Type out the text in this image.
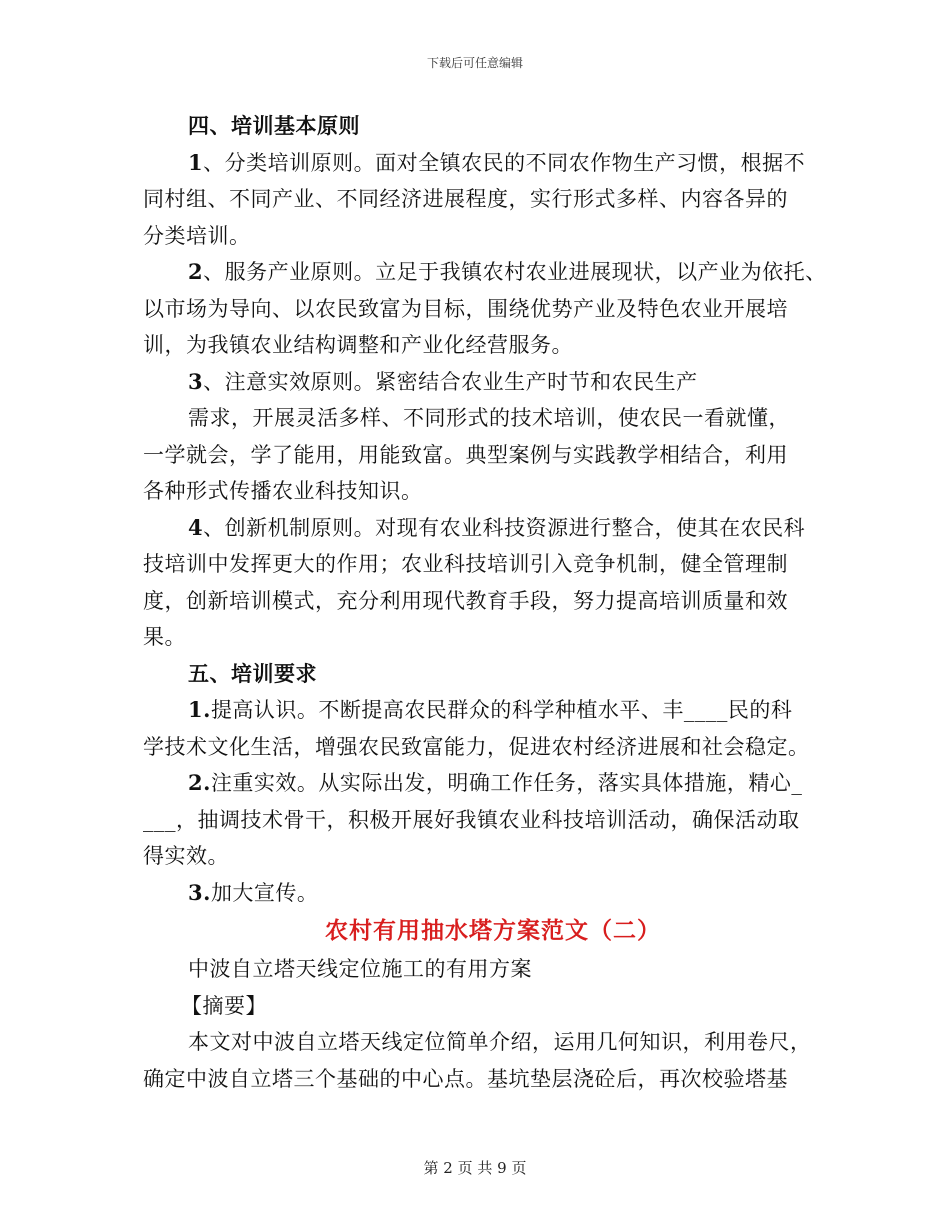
下载后可任意编辑
四、培训基本原则
1、分类培训原则。面对全镇农民的不同农作物生产习惯，根据不
同村组、不同产业、不同经济进展程度，实行形式多样、内容各异的
分类培训。
2、服务产业原则。立足于我镇农村农业进展现状，以产业为依托、
以市场为导向、以农民致富为目标，围绕优势产业及特色农业开展培
训，为我镇农业结构调整和产业化经营服务。
3、注意实效原则。紧密结合农业生产时节和农民生产
需求，开展灵活多样、不同形式的技术培训，使农民一看就懂，
一学就会，学了能用，用能致富。典型案例与实践教学相结合，利用
各种形式传播农业科技知识。
4、创新机制原则。对现有农业科技资源进行整合，使其在农民科
技培训中发挥更大的作用；农业科技培训引入竞争机制，健全管理制
度，创新培训模式，充分利用现代教育手段，努力提高培训质量和效
果。
五、培训要求
1.提高认识。不断提高农民群众的科学种植水平、丰____民的科
学技术文化生活，增强农民致富能力，促进农村经济进展和社会稳定。
2.注重实效。从实际出发，明确工作任务，落实具体措施，精心_
___，抽调技术骨干，积极开展好我镇农业科技培训活动，确保活动取
得实效。
3.加大宣传。
农村有用抽水塔方案范文（二）
中波自立塔天线定位施工的有用方案
【摘要】
本文对中波自立塔天线定位简单介绍，运用几何知识，利用卷尺，
确定中波自立塔三个基础的中心点。基坑垫层浇砼后，再次校验塔基
第 2 页 共 9 页
